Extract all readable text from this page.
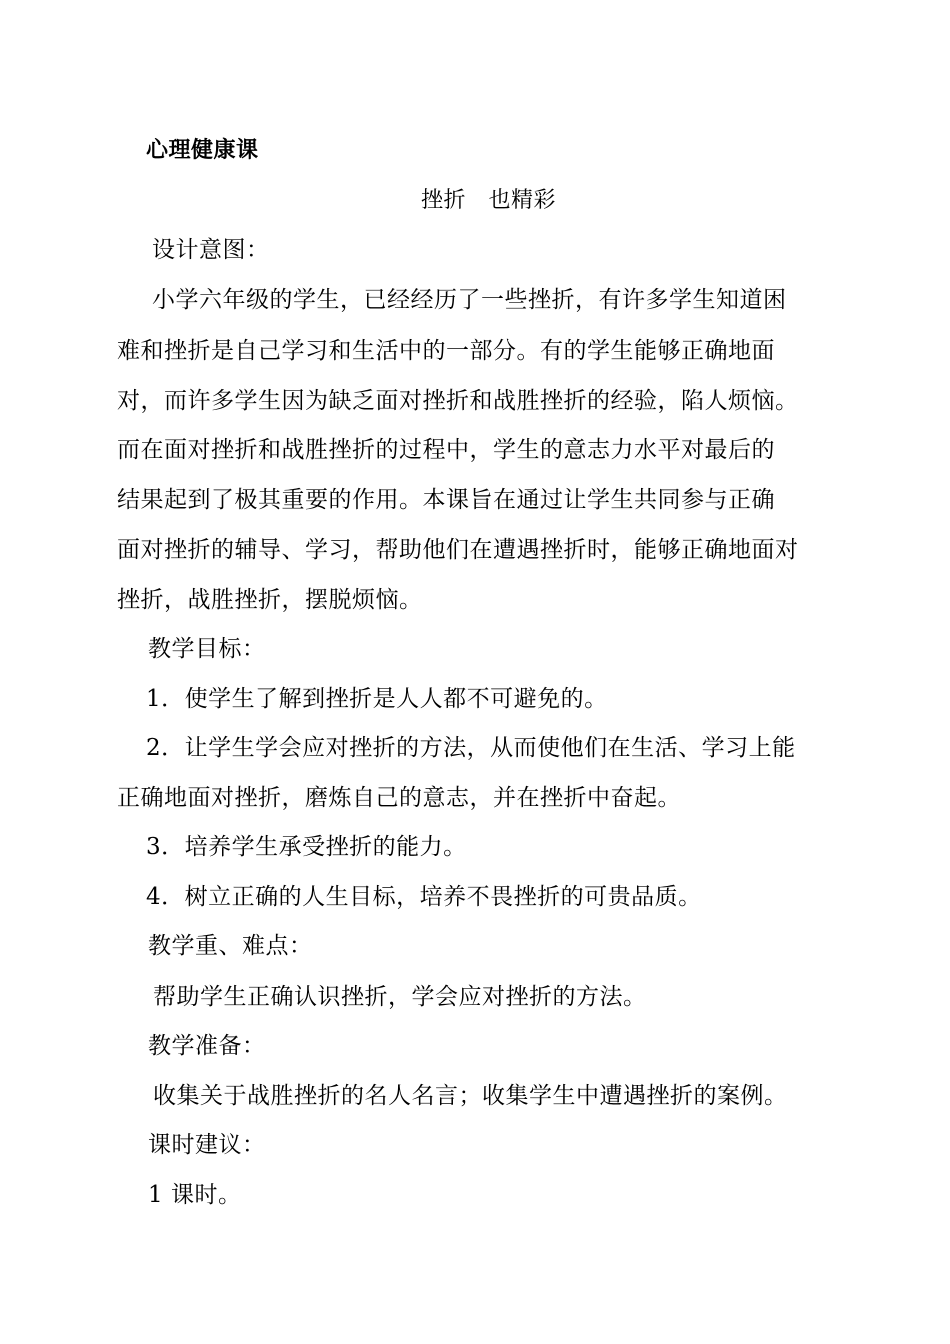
心理健康课
挫折　也精彩
设计意图：
小学六年级的学生，已经经历了一些挫折，有许多学生知道困
难和挫折是自己学习和生活中的一部分。有的学生能够正确地面
对，而许多学生因为缺乏面对挫折和战胜挫折的经验，陷人烦恼。
而在面对挫折和战胜挫折的过程中，学生的意志力水平对最后的
结果起到了极其重要的作用。本课旨在通过让学生共同参与正确
面对挫折的辅导、学习，帮助他们在遭遇挫折时，能够正确地面对
挫折，战胜挫折，摆脱烦恼。
教学目标：
1．使学生了解到挫折是人人都不可避免的。
2．让学生学会应对挫折的方法，从而使他们在生活、学习上能
正确地面对挫折，磨炼自己的意志，并在挫折中奋起。
3．培养学生承受挫折的能力。
4．树立正确的人生目标，培养不畏挫折的可贵品质。
教学重、难点：
帮助学生正确认识挫折，学会应对挫折的方法。
教学准备：
收集关于战胜挫折的名人名言；收集学生中遭遇挫折的案例。
课时建议：
1 课时。
